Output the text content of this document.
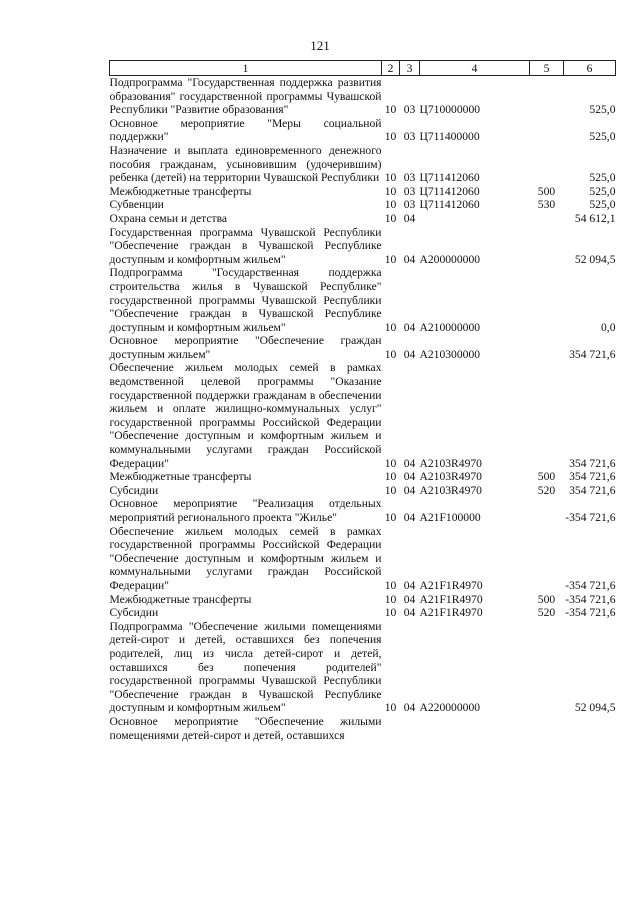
121
1	2	3	4	5	6
Подпрограмма "Государственная поддержка развития образования" государственной программы Чувашской Республики "Развитие образования"	10	03	Ц710000000		525,0
Основное мероприятие "Меры социальной поддержки"	10	03	Ц711400000		525,0
Назначение и выплата единовременного денежного пособия гражданам, усыновившим (удочерившим) ребенка (детей) на территории Чувашской Республики	10	03	Ц711412060		525,0
Межбюджетные трансферты	10	03	Ц711412060	500	525,0
Субвенции	10	03	Ц711412060	530	525,0
Охрана семьи и детства	10	04			54 612,1
Государственная программа Чувашской Республики "Обеспечение граждан в Чувашской Республике доступным и комфортным жильем"	10	04	А200000000		52 094,5
Подпрограмма "Государственная поддержка строительства жилья в Чувашской Республике" государственной программы Чувашской Республики "Обеспечение граждан в Чувашской Республике доступным и комфортным жильем"	10	04	А210000000		0,0
Основное мероприятие "Обеспечение граждан доступным жильем"	10	04	А210300000		354 721,6
Обеспечение жильем молодых семей в рамках ведомственной целевой программы "Оказание государственной поддержки гражданам в обеспечении жильем и оплате жилищно-коммунальных услуг" государственной программы Российской Федерации "Обеспечение доступным и комфортным жильем и коммунальными услугами граждан Российской Федерации"	10	04	А2103R4970		354 721,6
Межбюджетные трансферты	10	04	А2103R4970	500	354 721,6
Субсидии	10	04	А2103R4970	520	354 721,6
Основное мероприятие "Реализация отдельных мероприятий регионального проекта "Жилье"	10	04	А21F100000		-354 721,6
Обеспечение жильем молодых семей в рамках государственной программы Российской Федерации "Обеспечение доступным и комфортным жильем и коммунальными услугами граждан Российской Федерации"	10	04	А21F1R4970		-354 721,6
Межбюджетные трансферты	10	04	А21F1R4970	500	-354 721,6
Субсидии	10	04	А21F1R4970	520	-354 721,6
Подпрограмма "Обеспечение жилыми помещениями детей-сирот и детей, оставшихся без попечения родителей, лиц из числа детей-сирот и детей, оставшихся без попечения родителей" государственной программы Чувашской Республики "Обеспечение граждан в Чувашской Республике доступным и комфортным жильем"	10	04	А220000000		52 094,5
Основное мероприятие "Обеспечение жилыми помещениями детей-сирот и детей, оставшихся					
